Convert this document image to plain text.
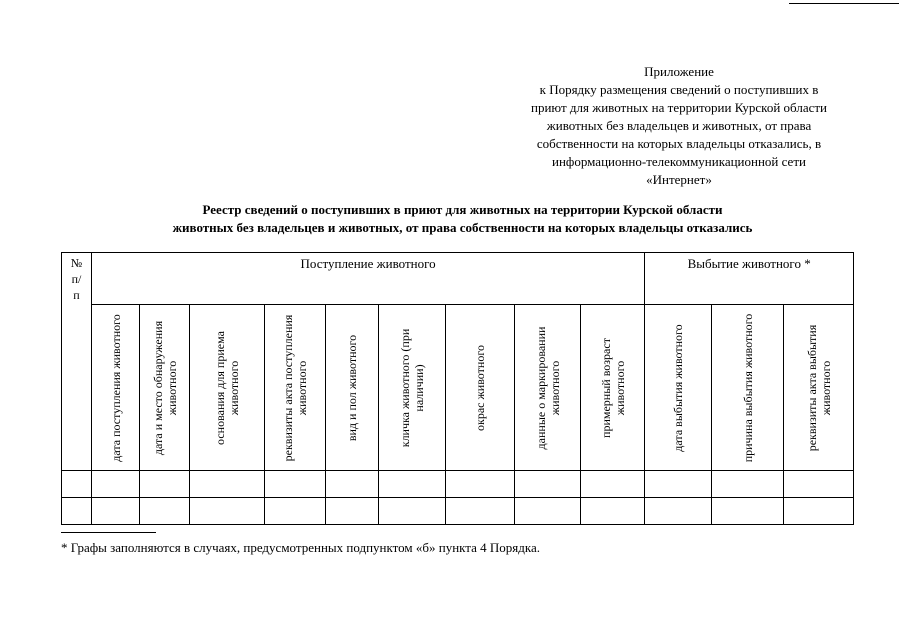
Приложение
к Порядку размещения сведений о поступивших в
приют для животных на территории Курской области
животных без владельцев и животных, от права
собственности на которых владельцы отказались, в
информационно-телекоммуникационной сети
«Интернет»
Реестр сведений о поступивших в приют для животных на территории Курской области
животных без владельцев и животных, от права собственности на которых владельцы отказались
№
п/
п	Поступление животного									Выбытие животного *		

	дата поступления животного	дата и место обнаружения животного	основания для приема животного	реквизиты акта поступления животного	вид и пол животного	кличка животного (при наличии)	окрас животного	данные о маркировании животного	примерный возраст животного	дата выбытия животного	причина выбытия животного	реквизиты акта выбытия животного

* Графы заполняются в случаях, предусмотренных подпунктом «б» пункта 4 Порядка.
